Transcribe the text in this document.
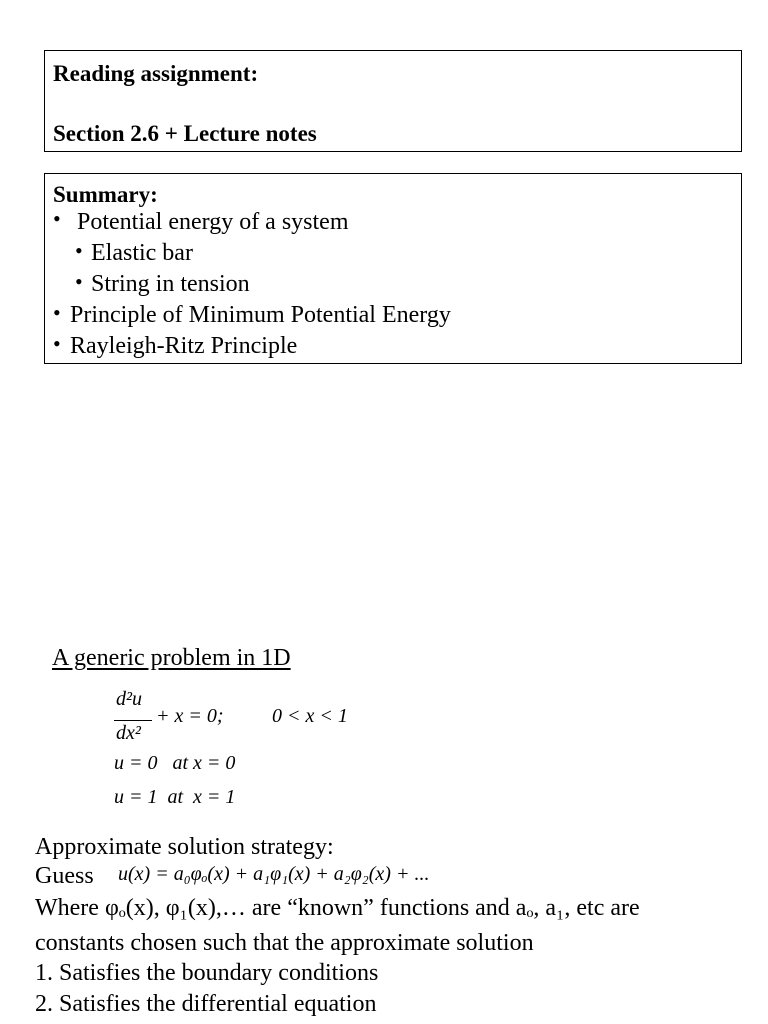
Reading assignment:
Section 2.6 + Lecture notes
Summary:
• Potential energy of a system
• Elastic bar
• String in tension
• Principle of Minimum Potential Energy
• Rayleigh-Ritz Principle
A generic problem in 1D
d²u
dx²
+ x = 0; 0 < x < 1
u = 0   at x = 0
u = 1  at  x = 1
Approximate solution strategy:
Guess u(x) = a₀φₒ(x) + a₁φ₁(x) + a₂φ₂(x) + ...
Where φₒ(x), φ₁(x),… are “known” functions and aₒ, a₁, etc are
constants chosen such that the approximate solution
1. Satisfies the boundary conditions
2. Satisfies the differential equation
